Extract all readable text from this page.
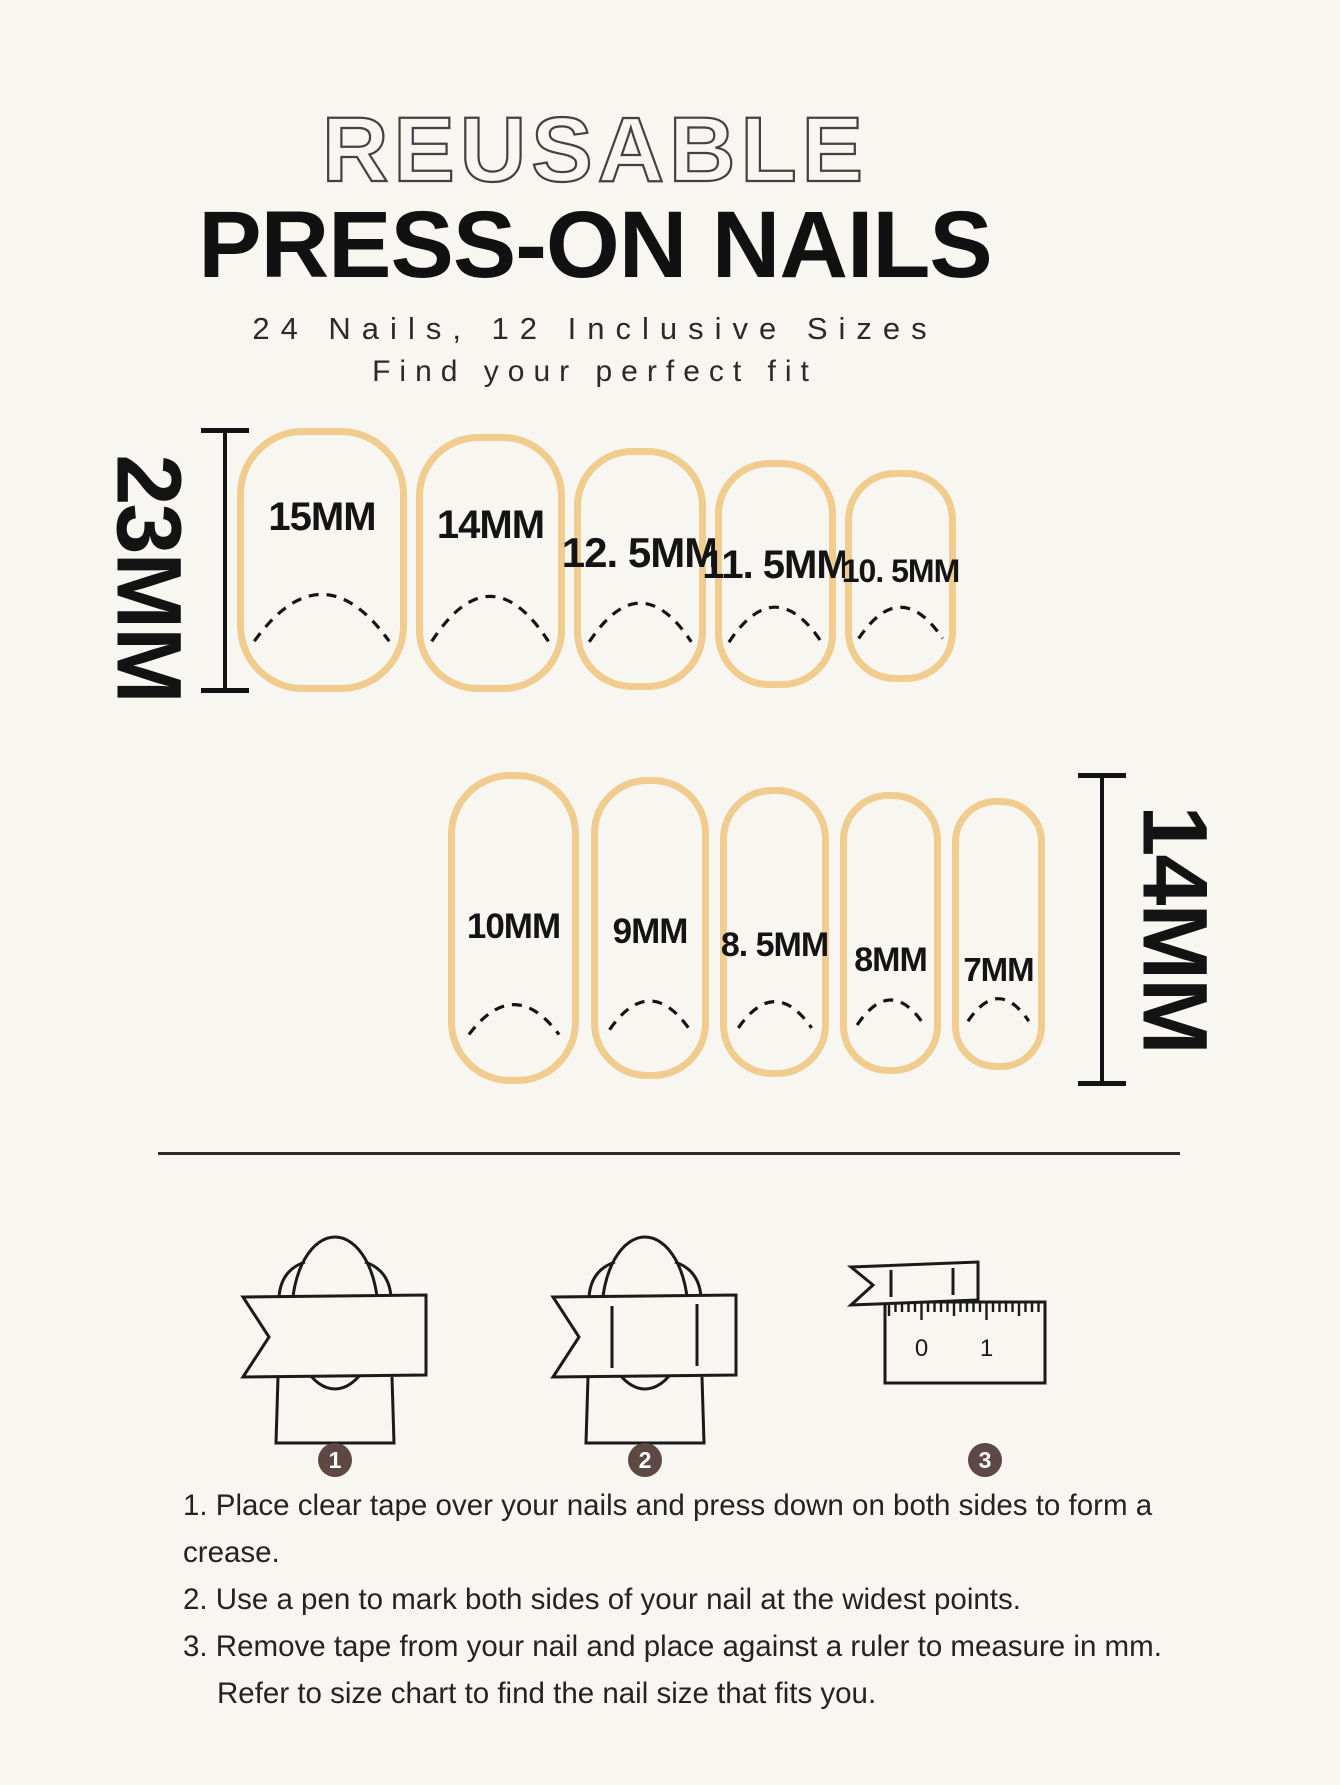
REUSABLE
PRESS-ON NAILS
24 Nails, 12 Inclusive Sizes
Find your perfect fit
23MM 15MM 14MM
12. 5MM
11. 5MM
10. 5MM
10MM 9MM 8. 5MM 8MM 7MM 14MM
0 1
1	2	3
1. Place clear tape over your nails and press down on both sides to form a crease.
2. Use a pen to mark both sides of your nail at the widest points.
3. Remove tape from your nail and place against a ruler to measure in mm.
Refer to size chart to find the nail size that fits you.
